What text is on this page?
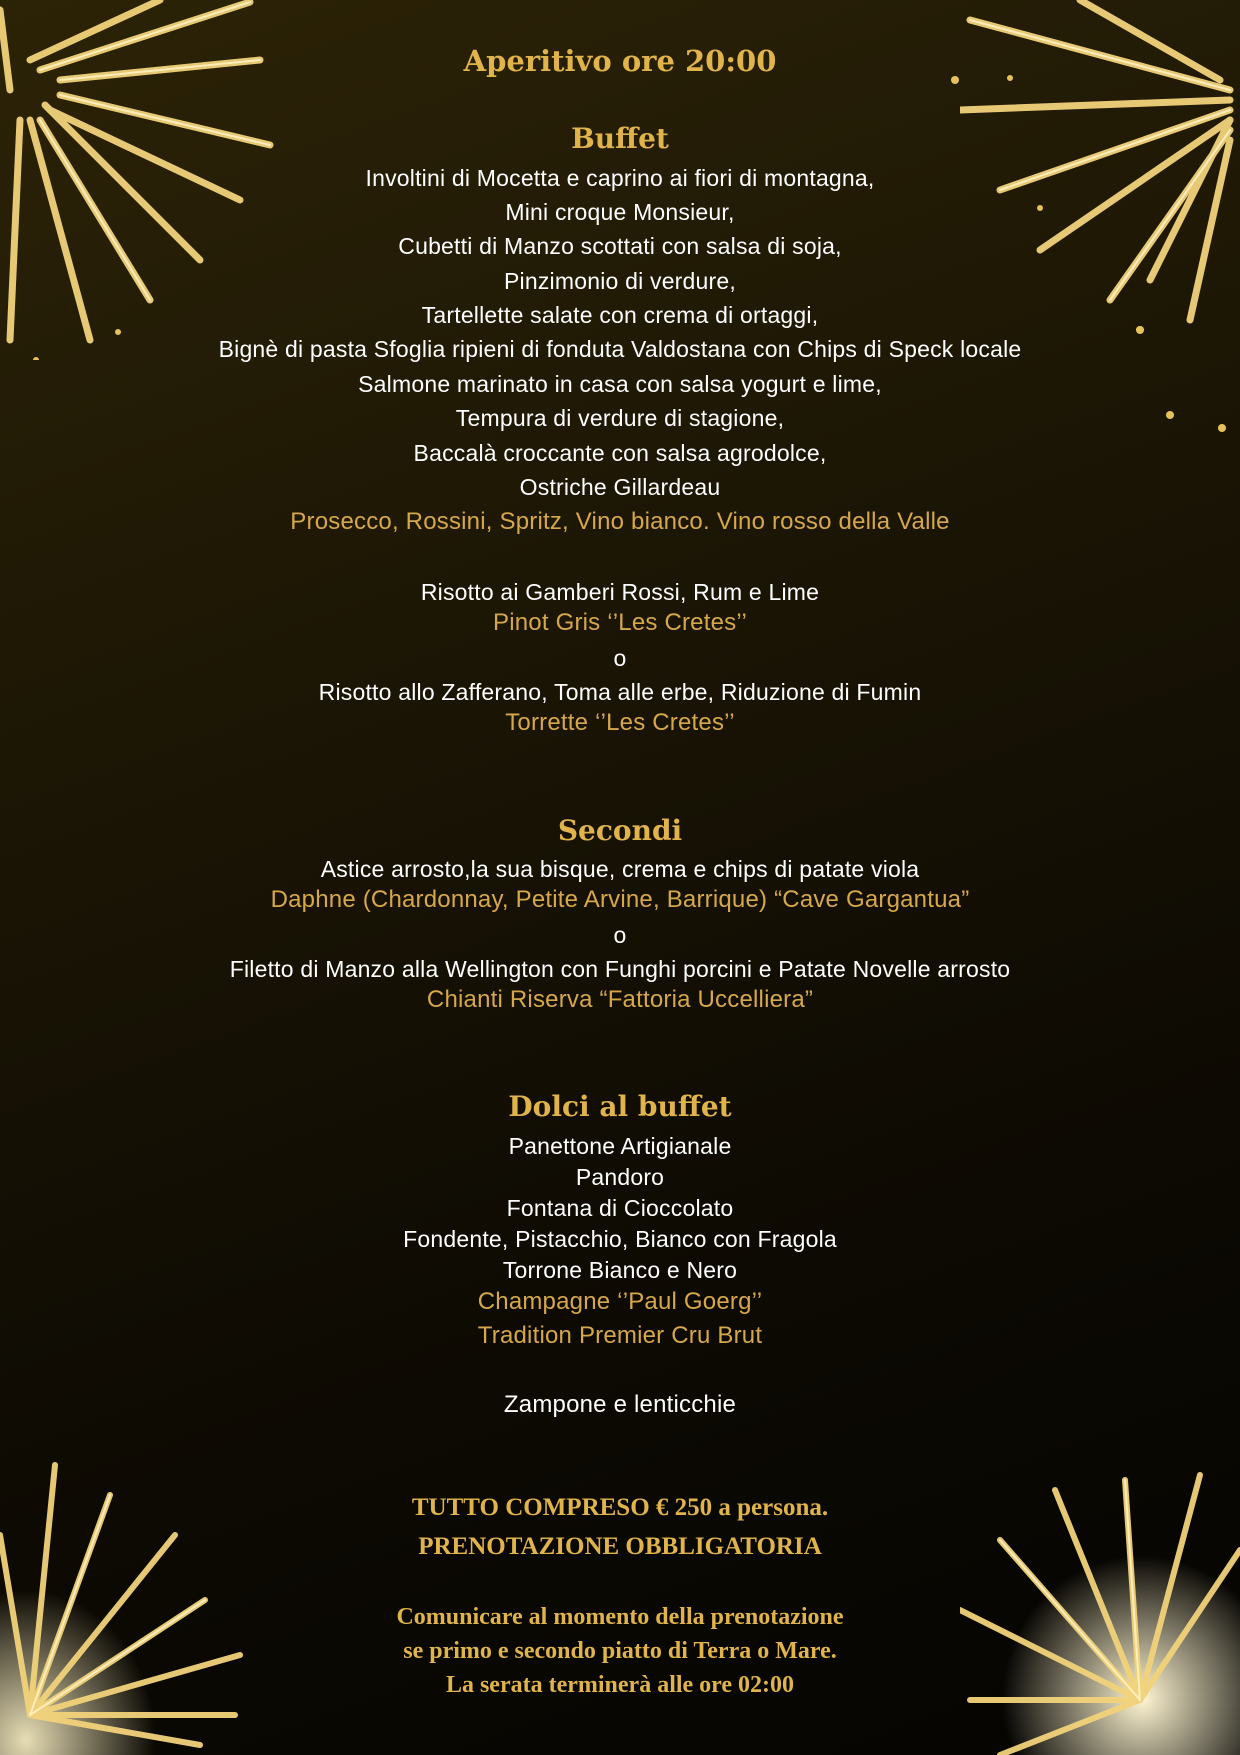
Aperitivo ore 20:00
Buffet
Involtini di Mocetta e caprino ai fiori di montagna,
Mini croque Monsieur,
Cubetti di Manzo scottati con salsa di soja,
Pinzimonio di verdure,
Tartellette salate con crema di ortaggi,
Bignè di pasta Sfoglia ripieni di fonduta Valdostana con Chips di Speck locale
Salmone marinato in casa con salsa yogurt e lime,
Tempura di verdure di stagione,
Baccalà croccante con salsa agrodolce,
Ostriche Gillardeau
Prosecco, Rossini, Spritz, Vino bianco. Vino rosso della Valle
Risotto ai Gamberi Rossi, Rum e Lime
Pinot Gris ‘’Les Cretes’’
o
Risotto allo Zafferano, Toma alle erbe, Riduzione di Fumin
Torrette ‘’Les Cretes’’
Secondi
Astice arrosto,la sua bisque, crema e chips di patate viola
Daphne (Chardonnay, Petite Arvine, Barrique) “Cave Gargantua”
o
Filetto di Manzo alla Wellington con Funghi porcini e Patate Novelle arrosto
Chianti Riserva “Fattoria Uccelliera”
Dolci al buffet
Panettone Artigianale
Pandoro
Fontana di Cioccolato
Fondente, Pistacchio, Bianco con Fragola
Torrone Bianco e Nero
Champagne ‘’Paul Goerg’’
Tradition Premier Cru Brut
Zampone e lenticchie
TUTTO COMPRESO € 250 a persona.
PRENOTAZIONE OBBLIGATORIA
Comunicare al momento della prenotazione
se primo e secondo piatto di Terra o Mare.
La serata terminerà alle ore 02:00
